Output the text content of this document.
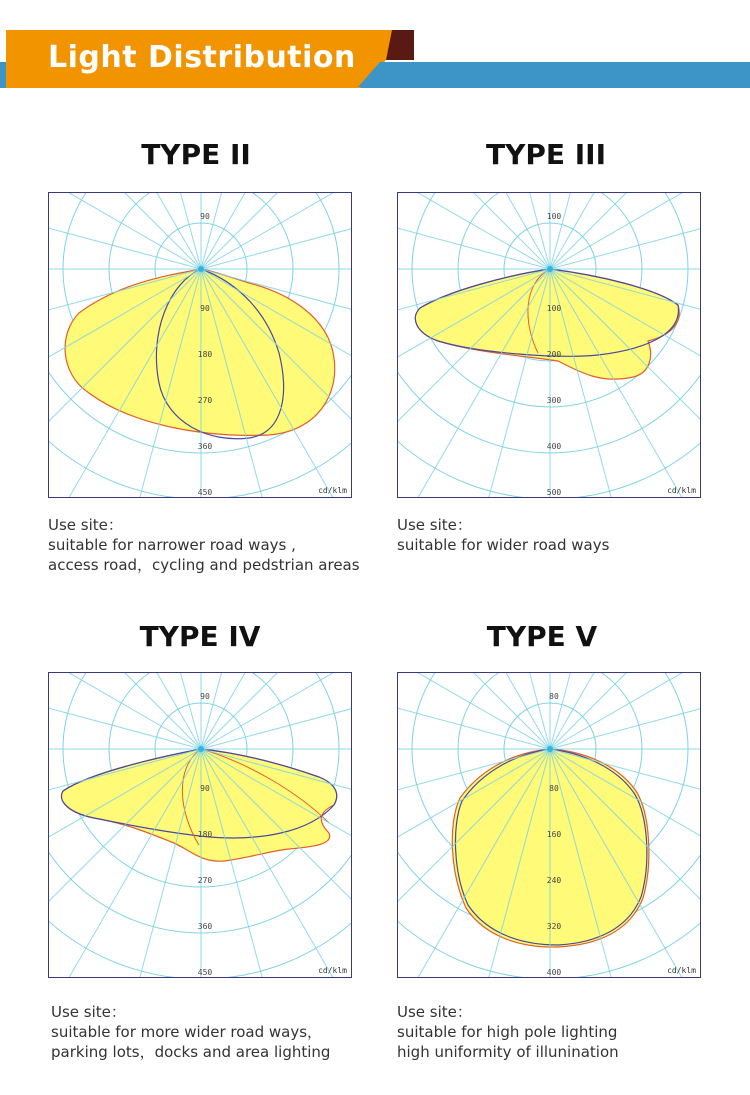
Light Distribution
TYPE II	TYPE III
TYPE IV	TYPE V
90
90
180
270
360
450	cd/klm
100
100
200
300
400
500	cd/klm
90
90
180
270
360
450	cd/klm
80
80
160
240
320
400	cd/klm
Use site：
suitable for narrower road ways ,
access road，cycling and pedstrian areas
Use site：
suitable for wider road ways
Use site：
suitable for more wider road ways，
parking lots，docks and area lighting
Use site：
suitable for high pole lighting
high uniformity of illunination
